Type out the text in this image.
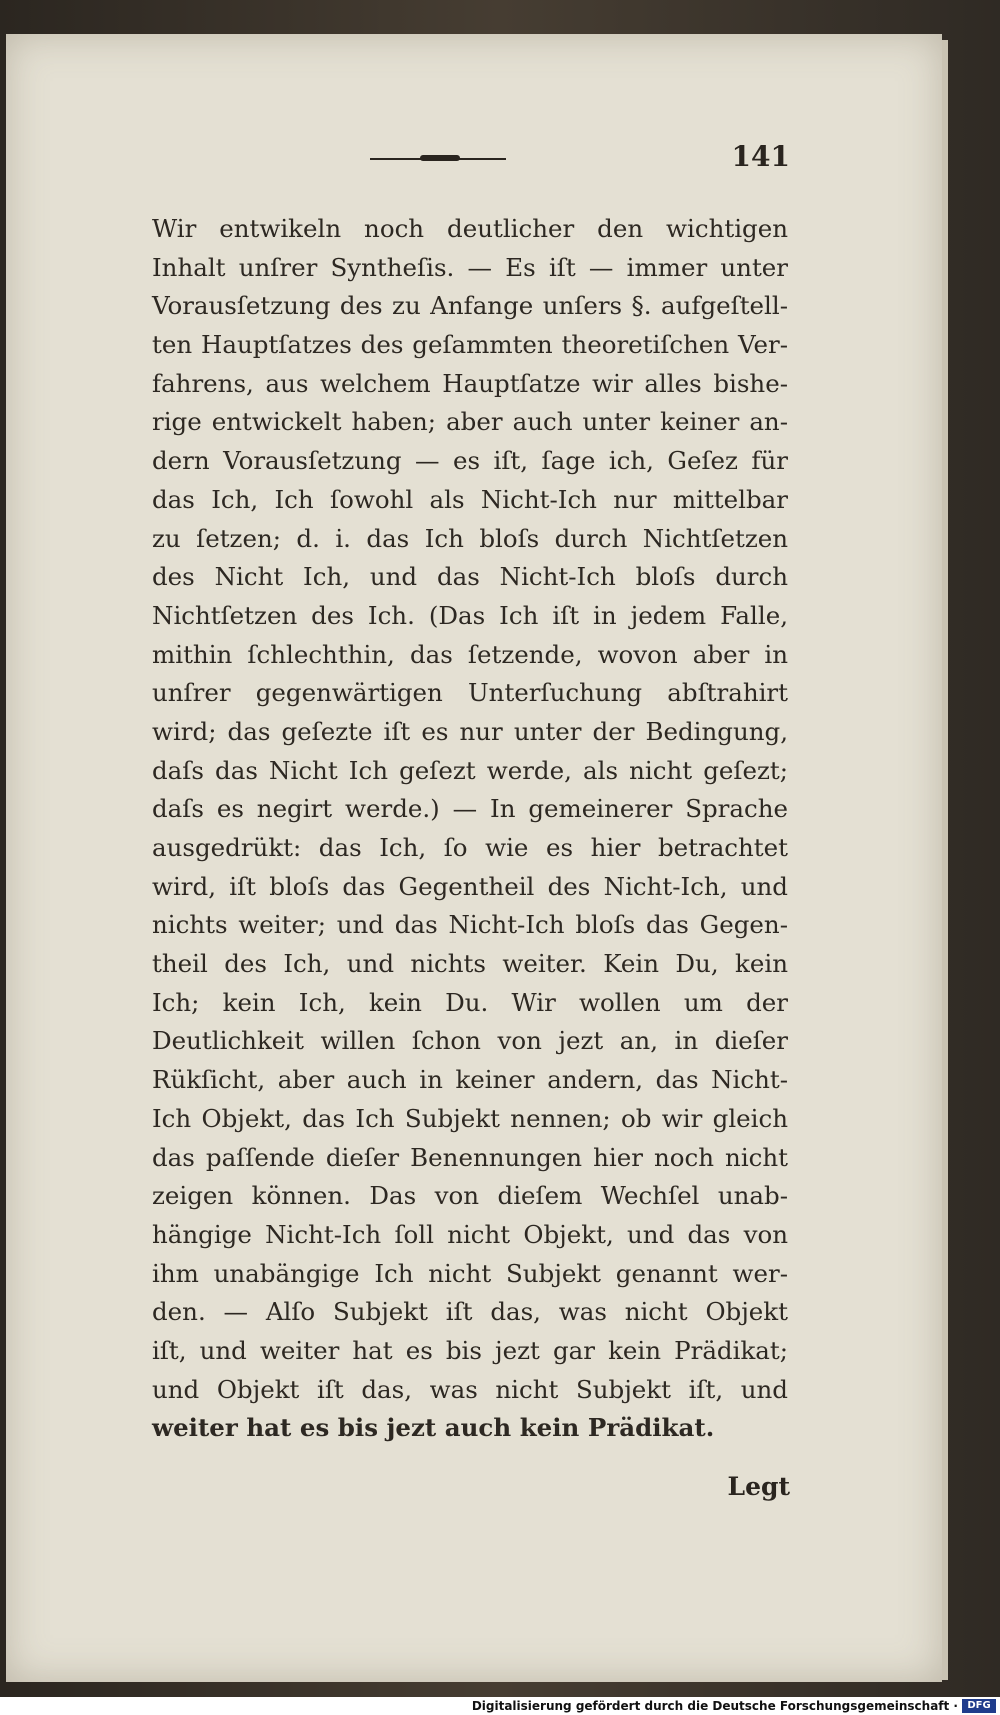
141
Wir entwikeln noch deutlicher den wichtigen
Inhalt unſrer Syntheſis. — Es iſt — immer unter
Vorausſetzung des zu Anfange unſers §. aufgeſtell-
ten Hauptſatzes des geſammten theoretiſchen Ver-
fahrens, aus welchem Hauptſatze wir alles bishe-
rige entwickelt haben; aber auch unter keiner an-
dern Vorausſetzung — es iſt, ſage ich, Geſez für
das Ich, Ich ſowohl als Nicht-Ich nur mittelbar
zu ſetzen; d. i. das Ich bloſs durch Nichtſetzen
des Nicht Ich, und das Nicht-Ich bloſs durch
Nichtſetzen des Ich. (Das Ich iſt in jedem Falle,
mithin ſchlechthin, das ſetzende, wovon aber in
unſrer gegenwärtigen Unterſuchung abſtrahirt
wird; das geſezte iſt es nur unter der Bedingung,
daſs das Nicht Ich geſezt werde, als nicht geſezt;
daſs es negirt werde.) — In gemeinerer Sprache
ausgedrükt: das Ich, ſo wie es hier betrachtet
wird, iſt bloſs das Gegentheil des Nicht-Ich, und
nichts weiter; und das Nicht-Ich bloſs das Gegen-
theil des Ich, und nichts weiter. Kein Du, kein
Ich; kein Ich, kein Du. Wir wollen um der
Deutlichkeit willen ſchon von jezt an, in dieſer
Rükſicht, aber auch in keiner andern, das Nicht-
Ich Objekt, das Ich Subjekt nennen; ob wir gleich
das paſſende dieſer Benennungen hier noch nicht
zeigen können. Das von dieſem Wechſel unab-
hängige Nicht-Ich ſoll nicht Objekt, und das von
ihm unabängige Ich nicht Subjekt genannt wer-
den. — Alſo Subjekt iſt das, was nicht Objekt
iſt, und weiter hat es bis jezt gar kein Prädikat;
und Objekt iſt das, was nicht Subjekt iſt, und
weiter hat es bis jezt auch kein Prädikat.
Legt
Digitalisierung gefördert durch die Deutsche Forschungsgemeinschaft · DFG
